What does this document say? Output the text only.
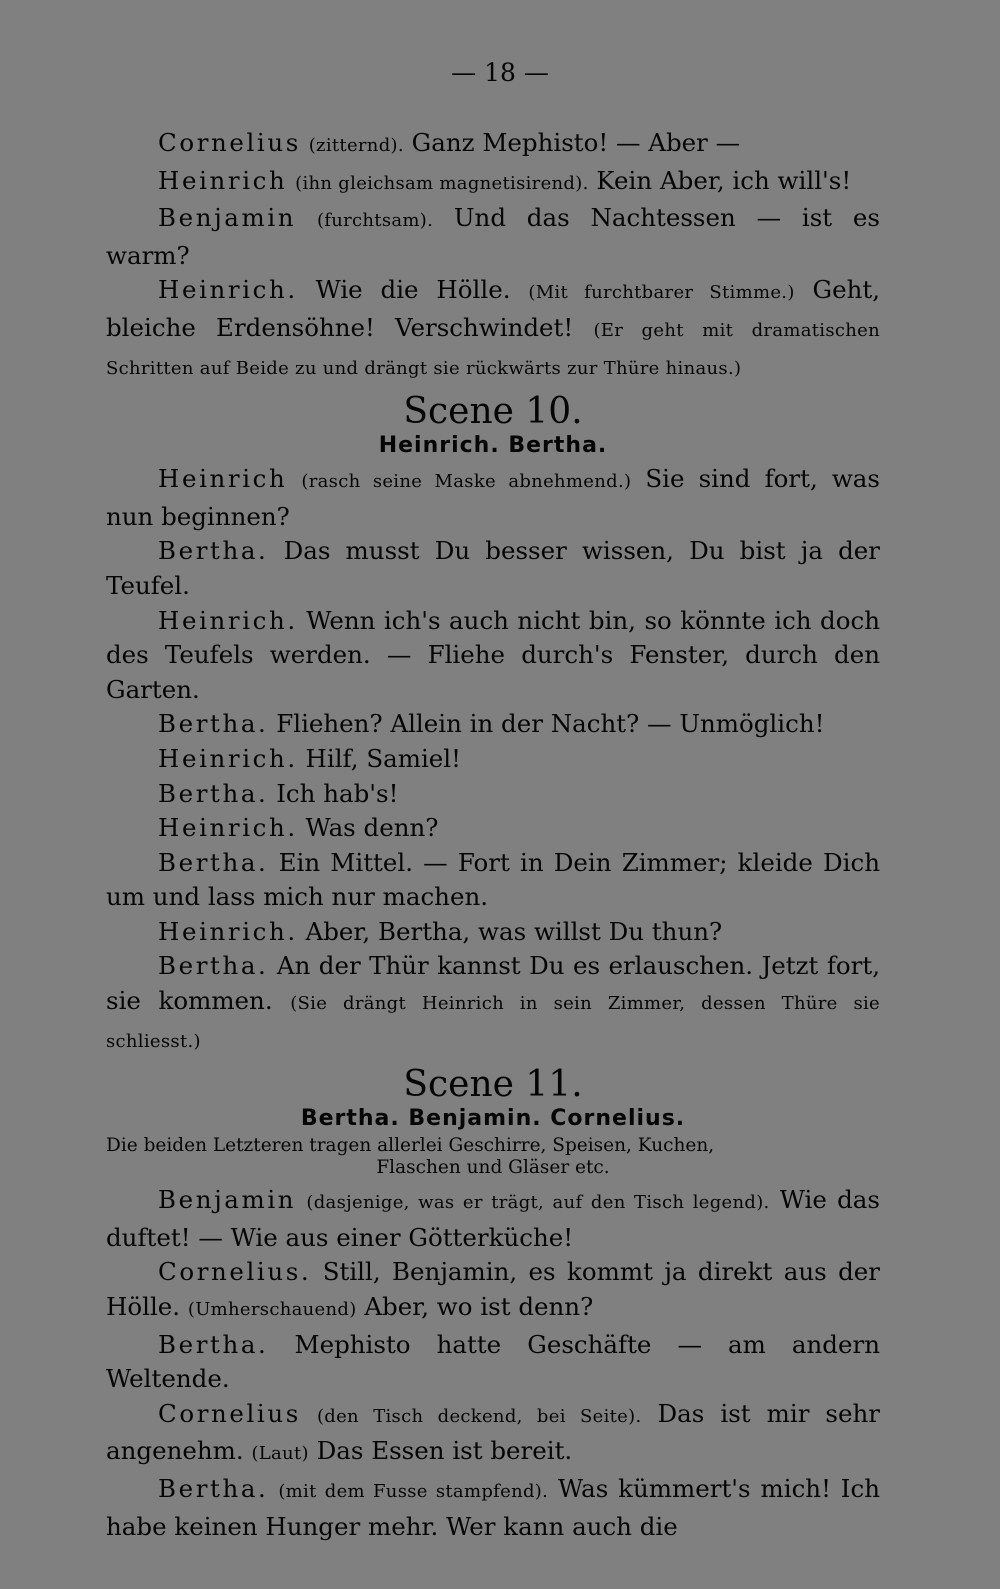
— 18 —

Cornelius (zitternd). Ganz Mephisto! — Aber —

Heinrich (ihn gleichsam magnetisirend). Kein Aber, ich will's!

Benjamin (furchtsam). Und das Nachtessen — ist es warm?

Heinrich. Wie die Hölle. (Mit furchtbarer Stimme.) Geht, bleiche Erdensöhne! Verschwindet! (Er geht mit dramatischen Schritten auf Beide zu und drängt sie rückwärts zur Thüre hinaus.)

Scene 10.
Heinrich. Bertha.

Heinrich (rasch seine Maske abnehmend.) Sie sind fort, was nun beginnen?

Bertha. Das musst Du besser wissen, Du bist ja der Teufel.

Heinrich. Wenn ich's auch nicht bin, so könnte ich doch des Teufels werden. — Fliehe durch's Fenster, durch den Garten.

Bertha. Fliehen? Allein in der Nacht? — Unmöglich!

Heinrich. Hilf, Samiel!

Bertha. Ich hab's!

Heinrich. Was denn?

Bertha. Ein Mittel. — Fort in Dein Zimmer; kleide Dich um und lass mich nur machen.

Heinrich. Aber, Bertha, was willst Du thun?

Bertha. An der Thür kannst Du es erlauschen. Jetzt fort, sie kommen. (Sie drängt Heinrich in sein Zimmer, dessen Thüre sie schliesst.)

Scene 11.
Bertha. Benjamin. Cornelius.
Die beiden Letzteren tragen allerlei Geschirre, Speisen, Kuchen,
Flaschen und Gläser etc.

Benjamin (dasjenige, was er trägt, auf den Tisch legend). Wie das duftet! — Wie aus einer Götterküche!

Cornelius. Still, Benjamin, es kommt ja direkt aus der Hölle. (Umherschauend) Aber, wo ist denn?

Bertha. Mephisto hatte Geschäfte — am andern Weltende.

Cornelius (den Tisch deckend, bei Seite). Das ist mir sehr angenehm. (Laut) Das Essen ist bereit.

Bertha. (mit dem Fusse stampfend). Was kümmert's mich! Ich habe keinen Hunger mehr. Wer kann auch die
